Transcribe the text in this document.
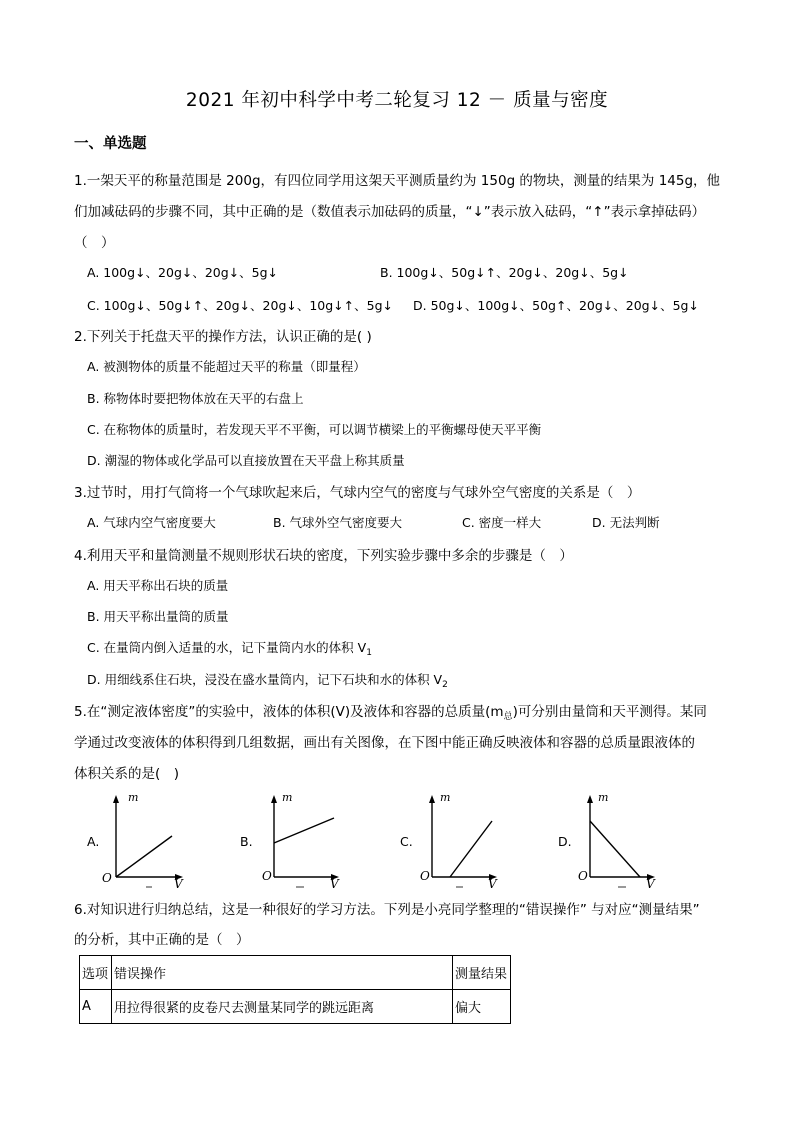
2021 年初中科学中考二轮复习 12 － 质量与密度
一、单选题
1.一架天平的称量范围是 200g，有四位同学用这架天平测质量约为 150g 的物块，测量的结果为 145g，他
们加减砝码的步骤不同，其中正确的是（数值表示加砝码的质量，“↓”表示放入砝码，“↑”表示拿掉砝码）
（　）
A. 100g↓、20g↓、20g↓、5g↓	B. 100g↓、50g↓↑、20g↓、20g↓、5g↓
C. 100g↓、50g↓↑、20g↓、20g↓、10g↓↑、5g↓ D. 50g↓、100g↓、50g↑、20g↓、20g↓、5g↓
2.下列关于托盘天平的操作方法，认识正确的是( )
A. 被测物体的质量不能超过天平的称量（即量程）
B. 称物体时要把物体放在天平的右盘上
C. 在称物体的质量时，若发现天平不平衡，可以调节横梁上的平衡螺母使天平平衡
D. 潮湿的物体或化学品可以直接放置在天平盘上称其质量
3.过节时，用打气筒将一个气球吹起来后，气球内空气的密度与气球外空气密度的关系是（　）
A. 气球内空气密度要大	B. 气球外空气密度要大	C. 密度一样大	D. 无法判断
4.利用天平和量筒测量不规则形状石块的密度，下列实验步骤中多余的步骤是（　）
A. 用天平称出石块的质量
B. 用天平称出量筒的质量
C. 在量筒内倒入适量的水，记下量筒内水的体积 $V_1$
D. 用细线系住石块，浸没在盛水量筒内，记下石块和水的体积 $V_2$
5.在“测定液体密度”的实验中，液体的体积(V)及液体和容器的总质量$(m_总)$可分别由量筒和天平测得。某同
学通过改变液体的体积得到几组数据，画出有关图像，在下图中能正确反映液体和容器的总质量跟液体的
体积关系的是(　)
A.
m
O	V
B.
m
O
V
C.
m
O
V
D.
m
O
V
6.对知识进行归纳总结，这是一种很好的学习方法。下列是小亮同学整理的“错误操作” 与对应“测量结果”
的分析，其中正确的是（　）
选项	错误操作	测量结果
A	用拉得很紧的皮卷尺去测量某同学的跳远距离	偏大
